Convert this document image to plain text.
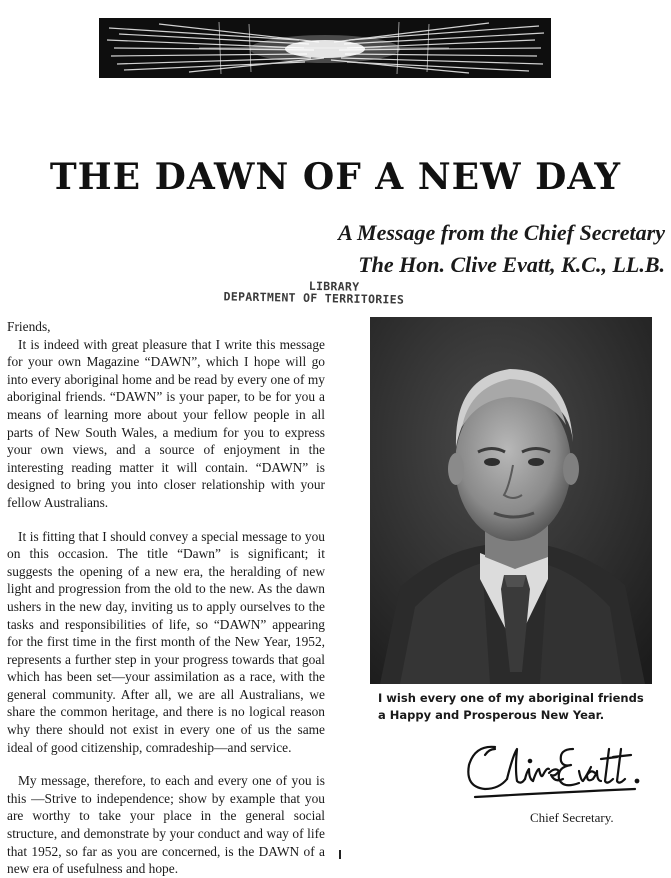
THE DAWN OF A NEW DAY
A Message from the Chief Secretary
The Hon. Clive Evatt, K.C., LL.B.
LIBRARY
DEPARTMENT OF TERRITORIES

Friends,

It is indeed with great pleasure that I write this message for your own Magazine “DAWN”, which I hope will go into every aboriginal home and be read by every one of my aboriginal friends. “DAWN” is your paper, to be for you a means of learning more about your fellow people in all parts of New South Wales, a medium for you to express your own views, and a source of enjoyment in the interesting reading matter it will contain. “DAWN” is designed to bring you into closer relationship with your fellow Australians.

It is fitting that I should convey a special message to you on this occasion. The title “Dawn” is significant; it suggests the opening of a new era, the heralding of new light and progression from the old to the new. As the dawn ushers in the new day, inviting us to apply ourselves to the tasks and responsibilities of life, so “DAWN” appearing for the first time in the first month of the New Year, 1952, represents a further step in your progress towards that goal which has been set—your assimilation as a race, with the general community. After all, we are all Australians, we share the common heritage, and there is no logical reason why there should not exist in every one of us the same ideal of good citizenship, comradeship—and service.

My message, therefore, to each and every one of you is this —Strive to independence; show by example that you are worthy to take your place in the general social structure, and demonstrate by your conduct and way of life that 1952, so far as you are concerned, is the DAWN of a new era of usefulness and hope.

I wish every one of my aboriginal friends
a Happy and Prosperous New Year.
Chief Secretary.
